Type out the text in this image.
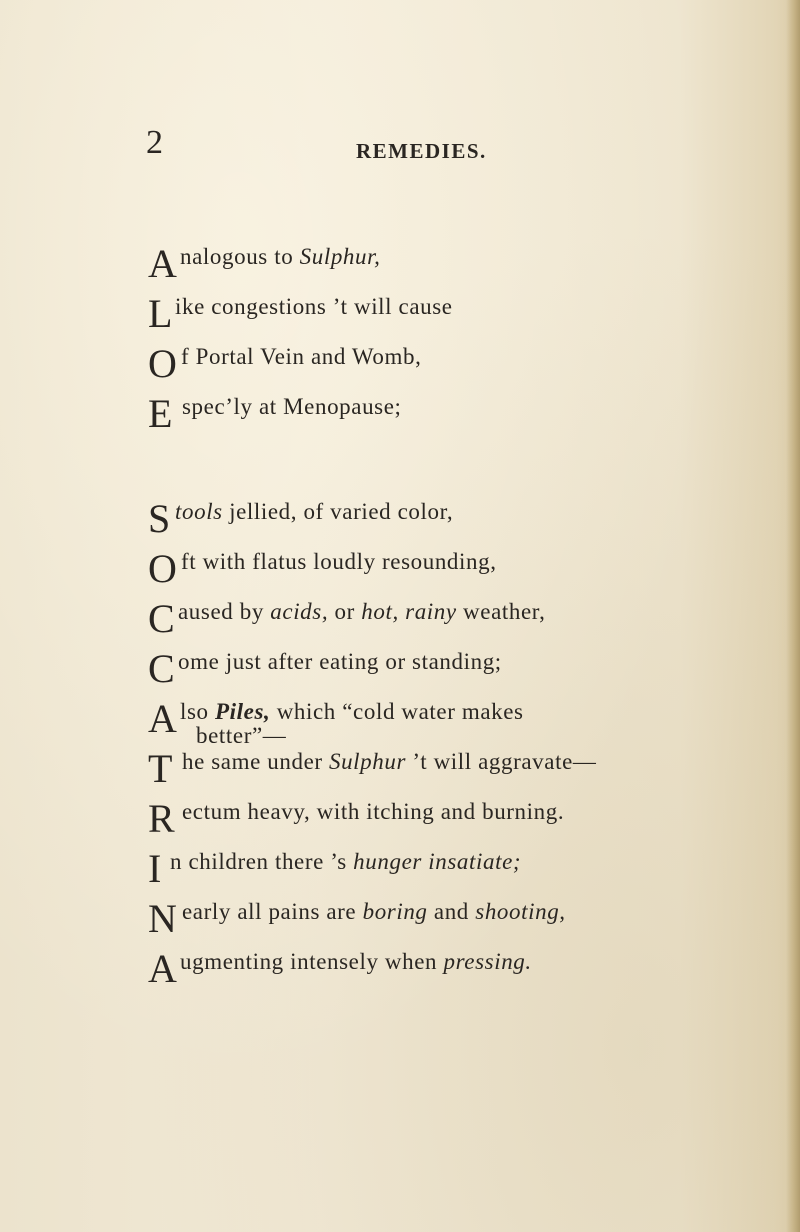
2	REMEDIES.
A nalogous to Sulphur,
L ike congestions ’t will cause
O f Portal Vein and Womb,
E spec’ly at Menopause;
S tools jellied, of varied color,
O ft with flatus loudly resounding,
C aused by acids, or hot, rainy weather,
C ome just after eating or standing;
A lso Piles, which “cold water makes
better”—
T he same under Sulphur ’t will aggravate—
R ectum heavy, with itching and burning.
I n children there ’s hunger insatiate;
N early all pains are boring and shooting,
A ugmenting intensely when pressing.
